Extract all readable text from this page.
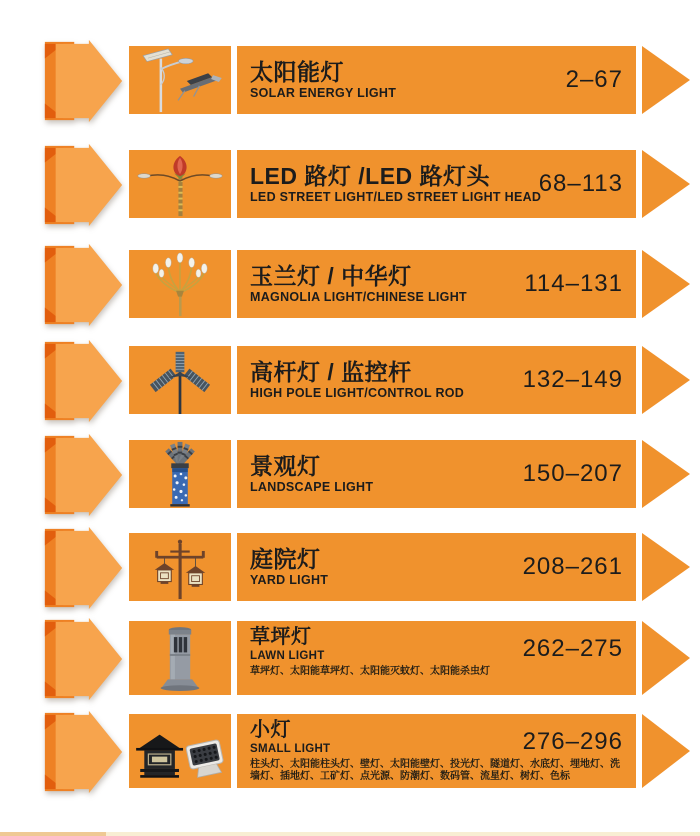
太阳能灯
SOLAR ENERGY LIGHT
2–67
LED 路灯 /LED 路灯头
LED STREET LIGHT/LED STREET LIGHT HEAD
68–113
玉兰灯 / 中华灯
MAGNOLIA LIGHT/CHINESE LIGHT
114–131
高杆灯 / 监控杆
HIGH POLE LIGHT/CONTROL ROD
132–149
景观灯
LANDSCAPE LIGHT
150–207
庭院灯
YARD LIGHT
208–261
草坪灯
LAWN LIGHT
草坪灯、太阳能草坪灯、太阳能灭蚊灯、太阳能杀虫灯
262–275
小灯
SMALL LIGHT
柱头灯、太阳能柱头灯、壁灯、太阳能壁灯、投光灯、隧道灯、水底灯、埋地灯、洗墙灯、插地灯、工矿灯、点光源、防潮灯、数码管、流星灯、树灯、色标
276–296
